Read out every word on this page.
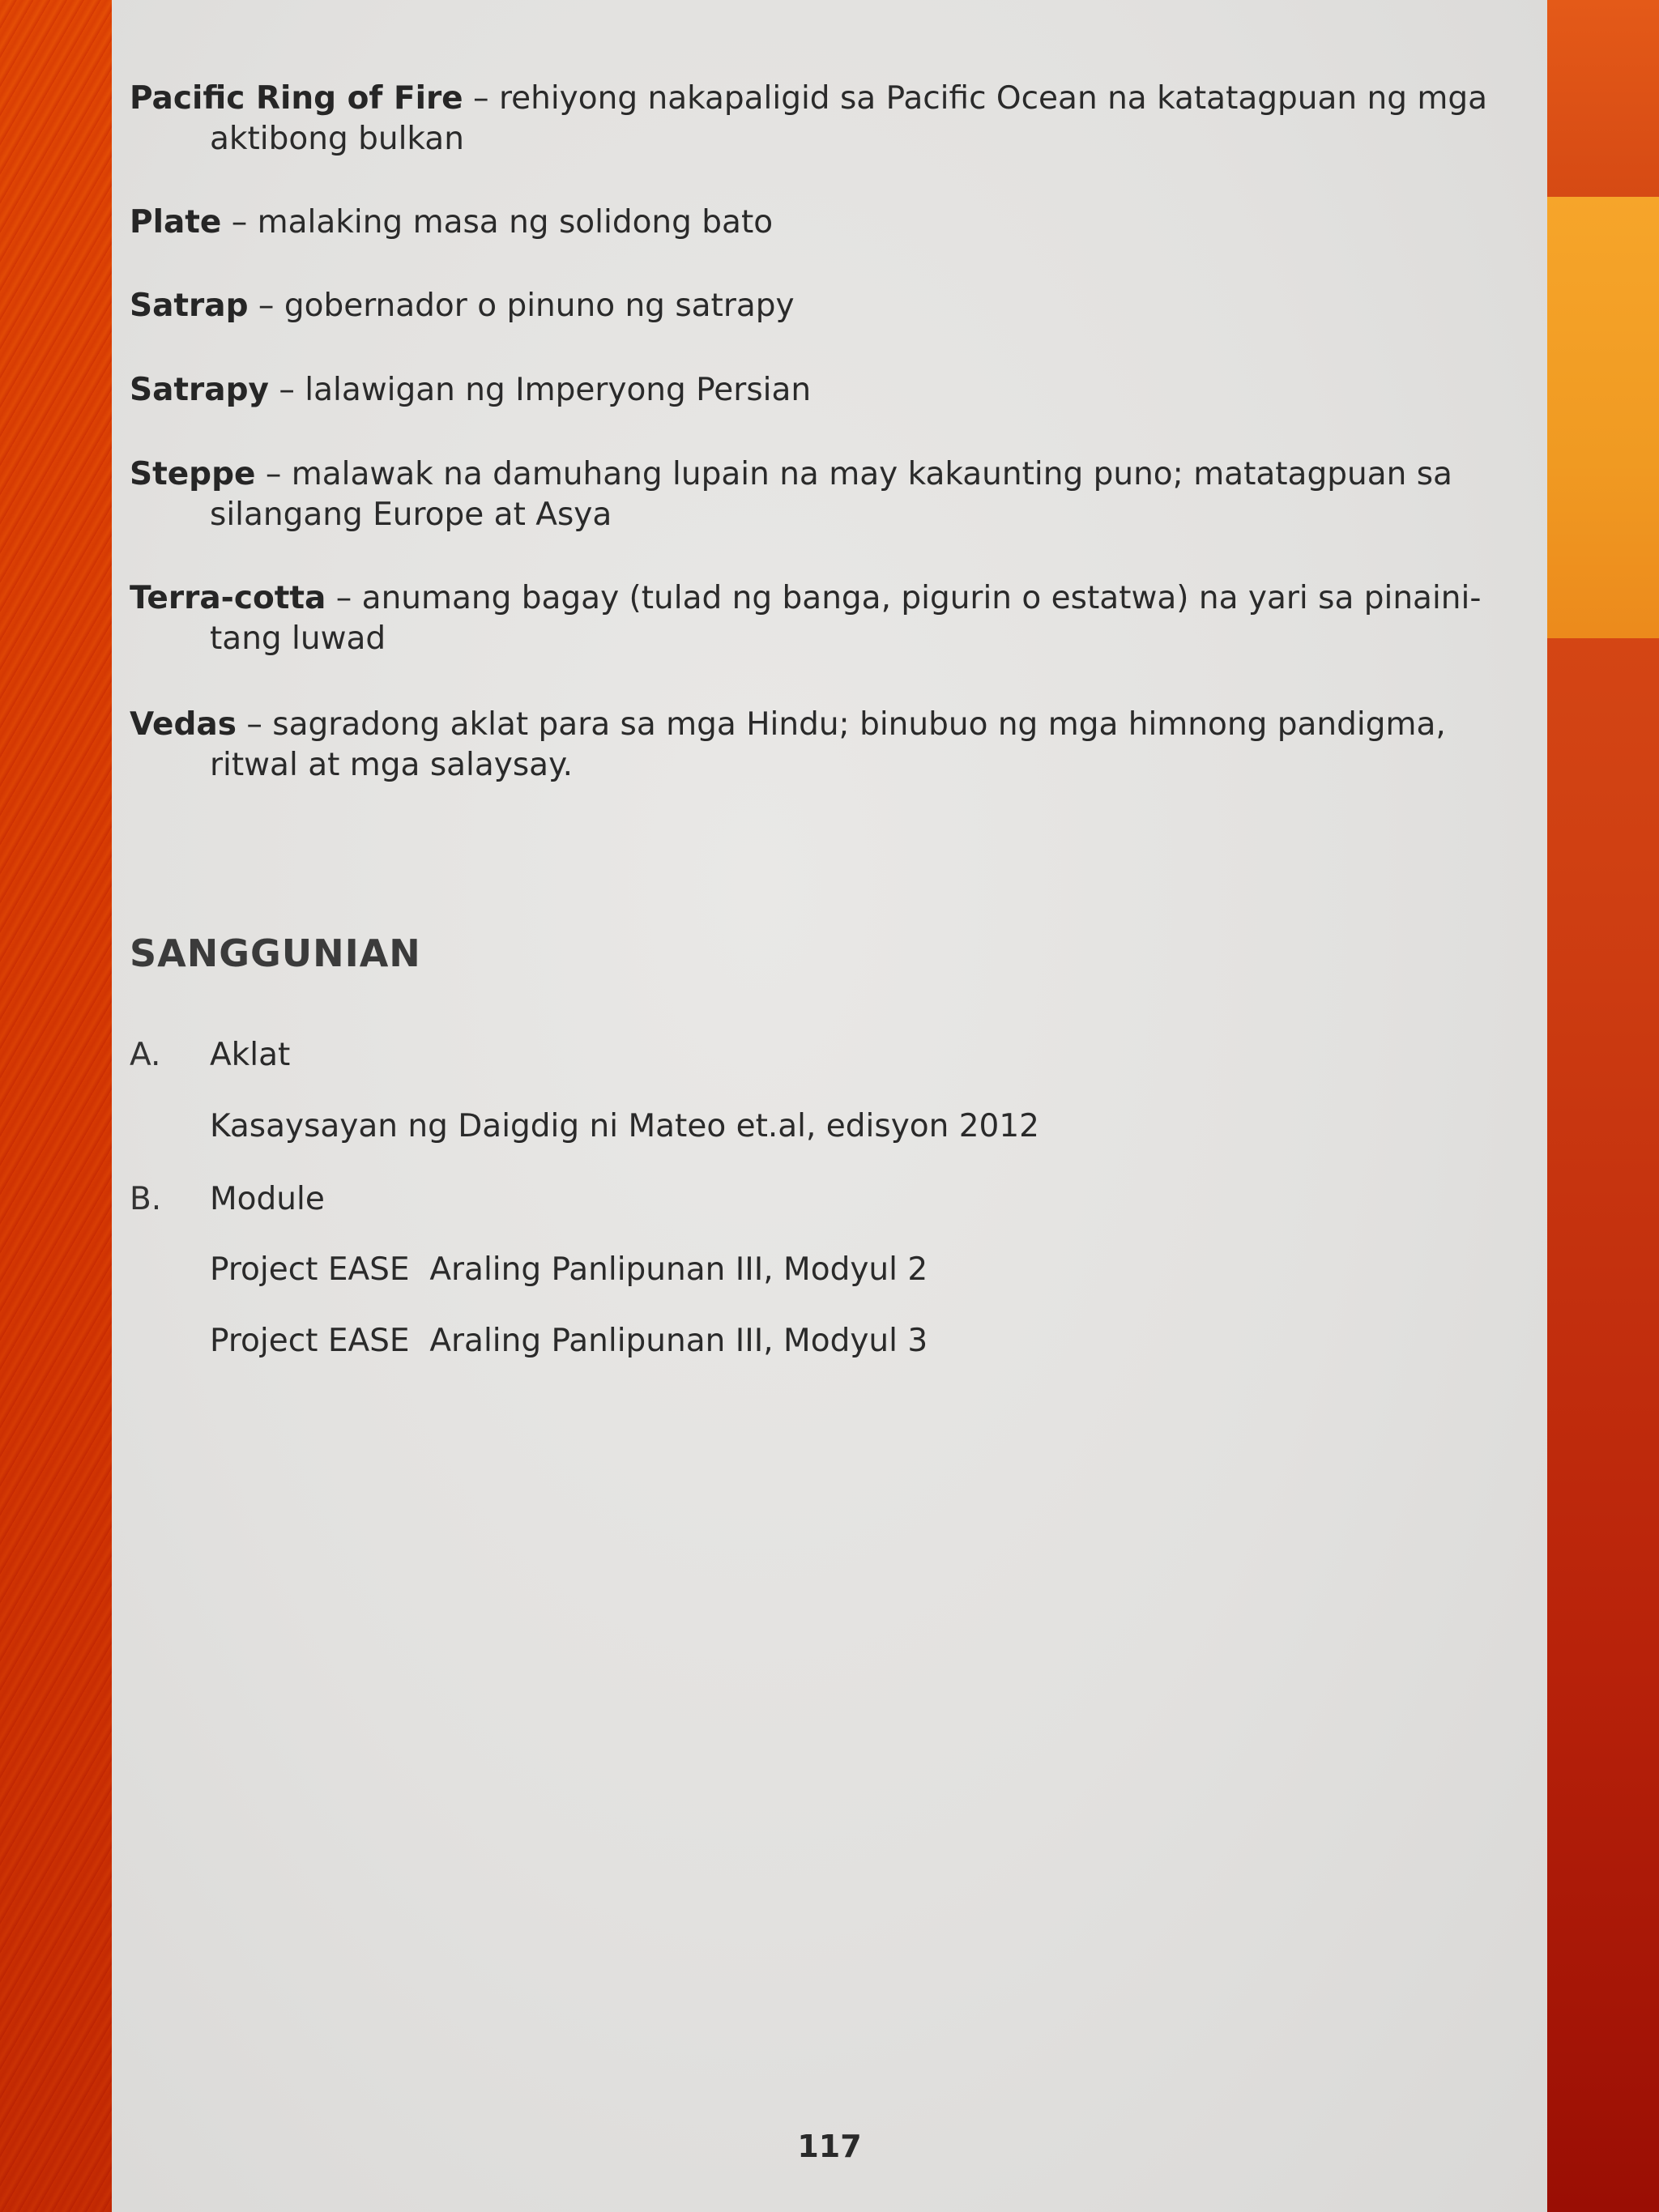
Pacific Ring of Fire – rehiyong nakapaligid sa Pacific Ocean na katatagpuan ng mga
aktibong bulkan
Plate – malaking masa ng solidong bato
Satrap – gobernador o pinuno ng satrapy
Satrapy – lalawigan ng Imperyong Persian
Steppe – malawak na damuhang lupain na may kakaunting puno; matatagpuan sa
silangang Europe at Asya
Terra-cotta – anumang bagay (tulad ng banga, pigurin o estatwa) na yari sa pinaini-
tang luwad
Vedas – sagradong aklat para sa mga Hindu; binubuo ng mga himnong pandigma,
ritwal at mga salaysay.
SANGGUNIAN
A. Aklat
Kasaysayan ng Daigdig ni Mateo et.al, edisyon 2012
B. Module
Project EASE  Araling Panlipunan III, Modyul 2
Project EASE  Araling Panlipunan III, Modyul 3
117
